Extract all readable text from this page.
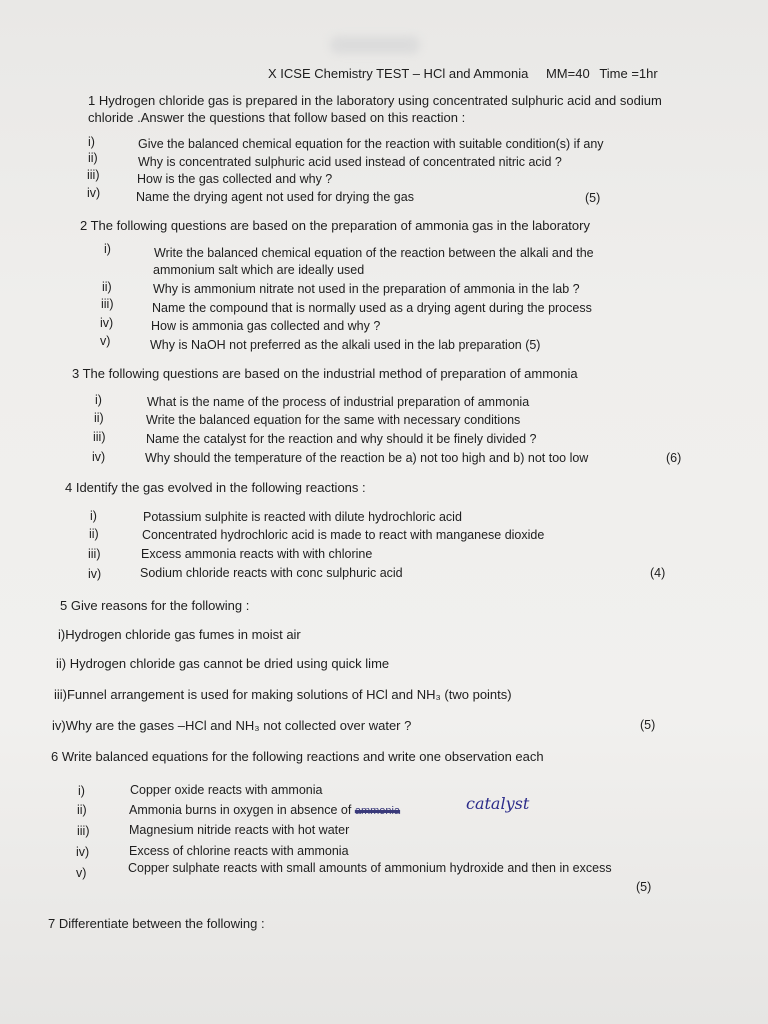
X ICSE Chemistry TEST – HCl and Ammonia MM=40 Time =1hr
1 Hydrogen chloride gas is prepared in the laboratory using concentrated sulphuric acid and sodium
chloride .Answer the questions that follow based on this reaction :
i)	Give the balanced chemical equation for the reaction with suitable condition(s) if any
ii)	Why is concentrated sulphuric acid used instead of concentrated nitric acid ?
iii)	How is the gas collected and why ?
iv)	Name the drying agent not used for drying the gas	(5)
2 The following questions are based on the preparation of ammonia gas in the laboratory
i)	Write the balanced chemical equation of the reaction between the alkali and the
ammonium salt which are ideally used
ii)	Why is ammonium nitrate not used in the preparation of ammonia in the lab ?
iii)	Name the compound that is normally used as a drying agent during the process
iv)	How is ammonia gas collected and why ?
v)	Why is NaOH not preferred as the alkali used in the lab preparation (5)
3 The following questions are based on the industrial method of preparation of ammonia
i)	What is the name of the process of industrial preparation of ammonia
ii)	Write the balanced equation for the same with necessary conditions
iii)	Name the catalyst for the reaction and why should it be finely divided ?
iv)	Why should the temperature of the reaction be a) not too high and b) not too low	(6)
4 Identify the gas evolved in the following reactions :
i)	Potassium sulphite is reacted with dilute hydrochloric acid
ii)	Concentrated hydrochloric acid is made to react with manganese dioxide
iii)	Excess ammonia reacts with with chlorine
iv)	Sodium chloride reacts with conc sulphuric acid	(4)
5 Give reasons for the following :
i)Hydrogen chloride gas fumes in moist air
ii) Hydrogen chloride gas cannot be dried using quick lime
iii)Funnel arrangement is used for making solutions of HCl and NH₃ (two points)
iv)Why are the gases –HCl and NH₃ not collected over water ?	(5)
6 Write balanced equations for the following reactions and write one observation each
i)	Copper oxide reacts with ammonia
ii)	Ammonia burns in oxygen in absence of ammonia	catalyst
iii)	Magnesium nitride reacts with hot water
iv)	Excess of chlorine reacts with ammonia
v)	Copper sulphate reacts with small amounts of ammonium hydroxide and then in excess
(5)
7 Differentiate between the following :
